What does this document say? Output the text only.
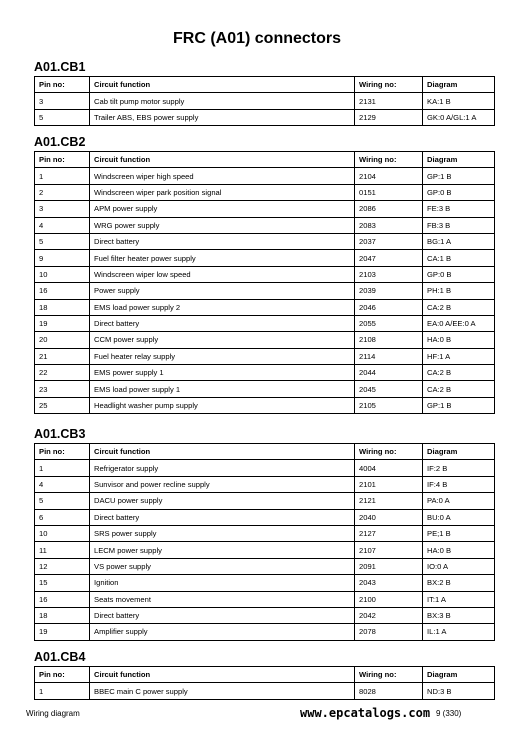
FRC (A01) connectors
A01.CB1
Pin no:	Circuit function	Wiring no:	Diagram
3	Cab tilt pump motor supply	2131	KA:1 B
5	Trailer ABS, EBS power supply	2129	GK:0 A/GL:1 A
A01.CB2
Pin no:	Circuit function	Wiring no:	Diagram
1	Windscreen wiper high speed	2104	GP:1 B
2	Windscreen wiper park position signal	0151	GP:0 B
3	APM power supply	2086	FE:3 B
4	WRG power supply	2083	FB:3 B
5	Direct battery	2037	BG:1 A
9	Fuel filter heater power supply	2047	CA:1 B
10	Windscreen wiper low speed	2103	GP:0 B
16	Power supply	2039	PH:1 B
18	EMS load power supply 2	2046	CA:2 B
19	Direct battery	2055	EA:0 A/EE:0 A
20	CCM power supply	2108	HA:0 B
21	Fuel heater relay supply	2114	HF:1 A
22	EMS power supply 1	2044	CA:2 B
23	EMS load power supply 1	2045	CA:2 B
25	Headlight washer pump supply	2105	GP:1 B
A01.CB3
Pin no:	Circuit function	Wiring no:	Diagram
1	Refrigerator supply	4004	IF:2 B
4	Sunvisor and power recline supply	2101	IF:4 B
5	DACU power supply	2121	PA:0 A
6	Direct battery	2040	BU:0 A
10	SRS power supply	2127	PE;1 B
11	LECM power supply	2107	HA:0 B
12	VS power supply	2091	IO:0 A
15	Ignition	2043	BX:2 B
16	Seats movement	2100	IT:1 A
18	Direct battery	2042	BX:3 B
19	Amplifier supply	2078	IL:1 A
A01.CB4
Pin no:	Circuit function	Wiring no:	Diagram
1	BBEC main C power supply	8028	ND:3 B
Wiring diagram	www.epcatalogs.com 9 (330)
